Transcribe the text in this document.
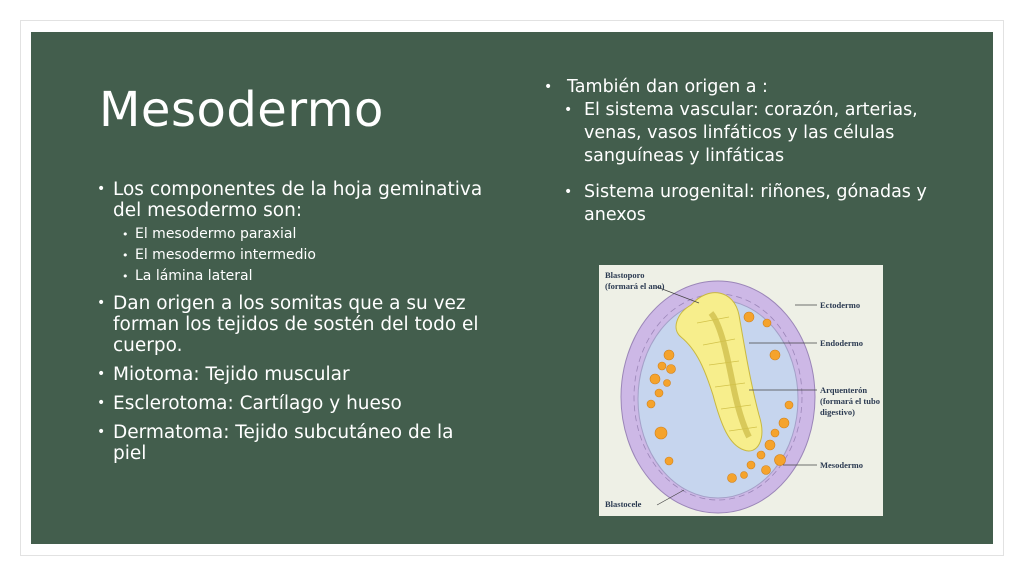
Mesodermo
• Los componentes de la hoja geminativa del mesodermo son:
• El mesodermo paraxial
• El mesodermo intermedio
• La lámina lateral
• Dan origen a los somitas que a su vez forman los tejidos de sostén del todo el cuerpo.
• Miotoma: Tejido muscular
• Esclerotoma: Cartílago y hueso
• Dermatoma: Tejido subcutáneo de la piel
• También dan origen a :
• El sistema vascular: corazón, arterias, venas, vasos linfáticos y las células sanguíneas y linfáticas
• Sistema urogenital: riñones, gónadas y anexos
Blastoporo
(formará el ano)
Ectodermo
Endodermo
Arquenterón
(formará el tubo
digestivo)
Mesodermo
Blastocele
